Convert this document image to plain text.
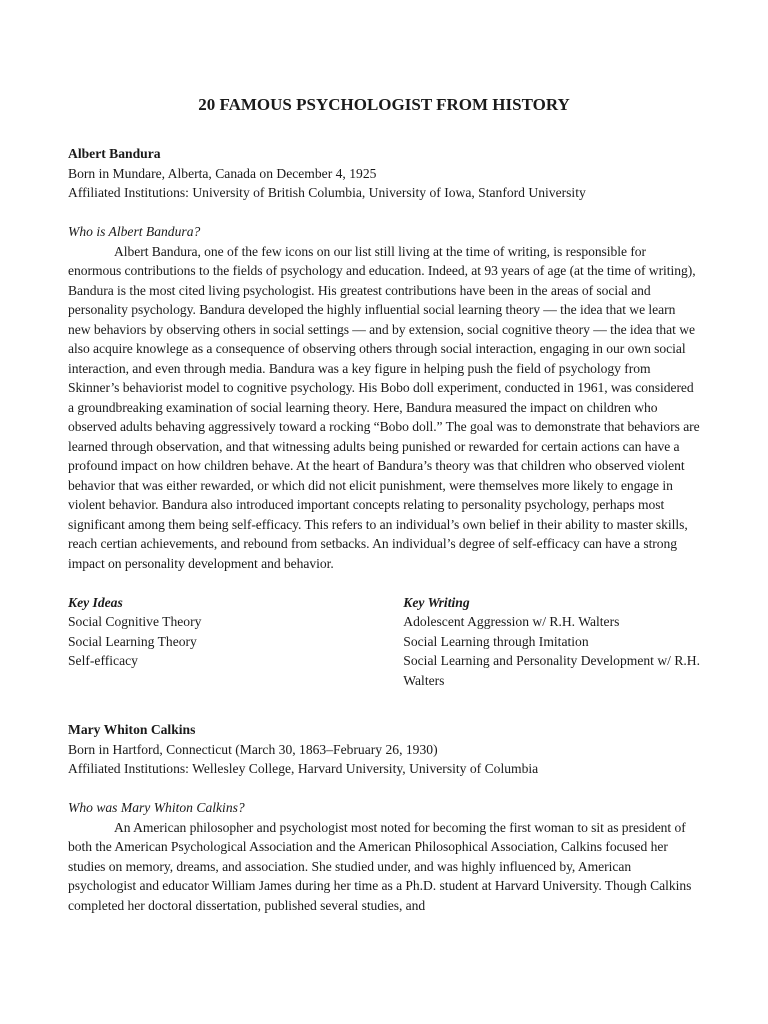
20 FAMOUS PSYCHOLOGIST FROM HISTORY

Albert Bandura

Born in Mundare, Alberta, Canada on December 4, 1925

Affiliated Institutions: University of British Columbia, University of Iowa, Stanford University

Who is Albert Bandura?

Albert Bandura, one of the few icons on our list still living at the time of writing, is responsible for enormous contributions to the fields of psychology and education. Indeed, at 93 years of age (at the time of writing), Bandura is the most cited living psychologist. His greatest contributions have been in the areas of social and personality psychology. Bandura developed the highly influential social learning theory — the idea that we learn new behaviors by observing others in social settings — and by extension, social cognitive theory — the idea that we also acquire knowlege as a consequence of observing others through social interaction, engaging in our own social interaction, and even through media. Bandura was a key figure in helping push the field of psychology from Skinner’s behaviorist model to cognitive psychology. His Bobo doll experiment, conducted in 1961, was considered a groundbreaking examination of social learning theory. Here, Bandura measured the impact on children who observed adults behaving aggressively toward a rocking “Bobo doll.” The goal was to demonstrate that behaviors are learned through observation, and that witnessing adults being punished or rewarded for certain actions can have a profound impact on how children behave. At the heart of Bandura’s theory was that children who observed violent behavior that was either rewarded, or which did not elicit punishment, were themselves more likely to engage in violent behavior. Bandura also introduced important concepts relating to personality psychology, perhaps most significant among them being self-efficacy. This refers to an individual’s own belief in their ability to master skills, reach certian achievements, and rebound from setbacks. An individual’s degree of self-efficacy can have a strong impact on personality development and behavior.

Key Ideas

Social Cognitive Theory

Social Learning Theory

Self-efficacy

Key Writing

Adolescent Aggression w/ R.H. Walters

Social Learning through Imitation

Social Learning and Personality Development w/ R.H. Walters

Mary Whiton Calkins

Born in Hartford, Connecticut (March 30, 1863–February 26, 1930)

Affiliated Institutions: Wellesley College, Harvard University, University of Columbia

Who was Mary Whiton Calkins?

An American philosopher and psychologist most noted for becoming the first woman to sit as president of both the American Psychological Association and the American Philosophical Association, Calkins focused her studies on memory, dreams, and association. She studied under, and was highly influenced by, American psychologist and educator William James during her time as a Ph.D. student at Harvard University. Though Calkins completed her doctoral dissertation, published several studies, and
